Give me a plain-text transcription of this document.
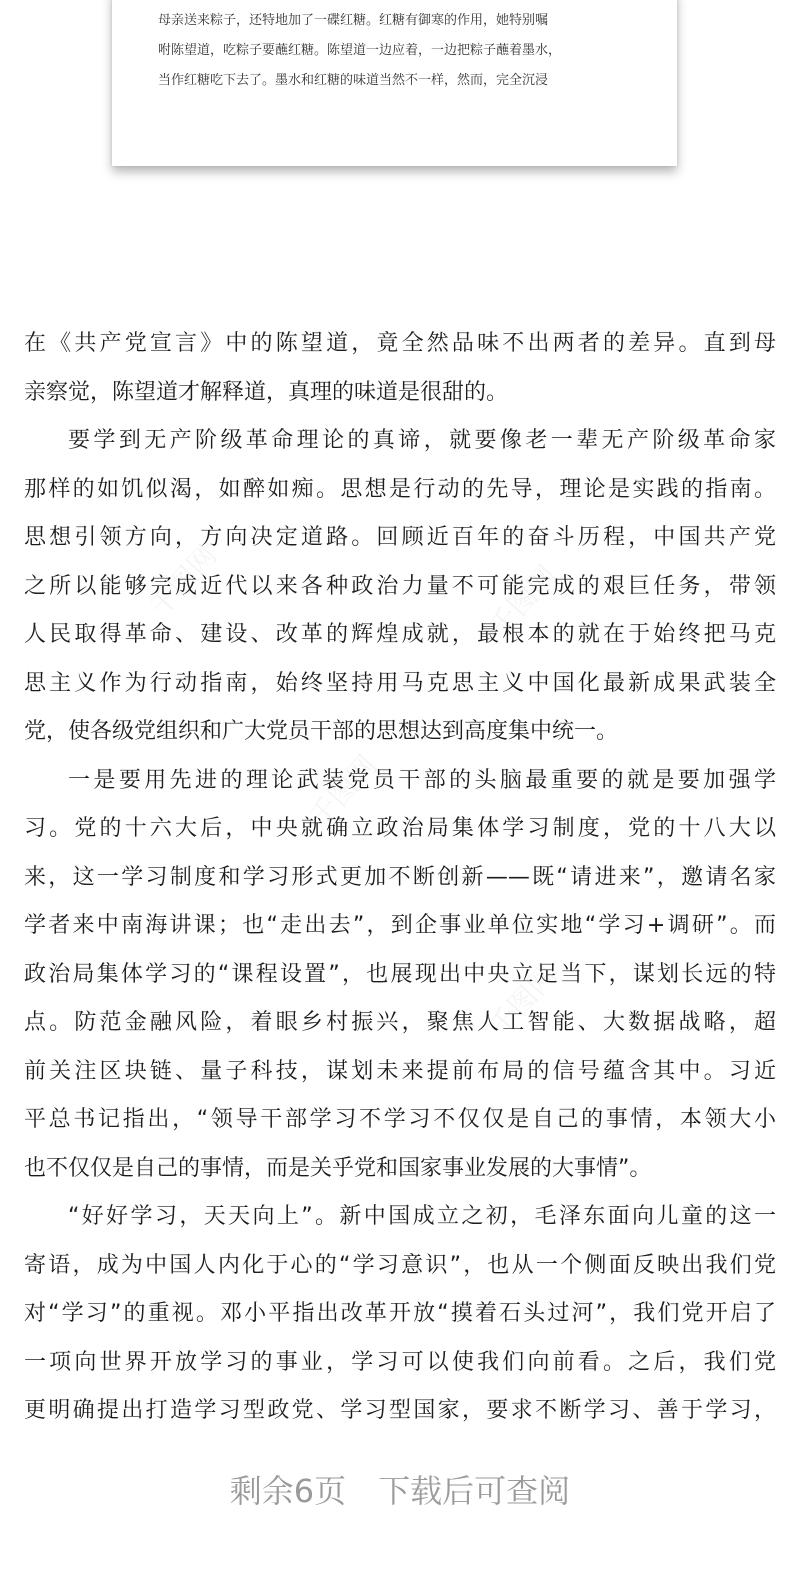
母亲送来粽子，还特地加了一碟红糖。红糖有御寒的作用，她特别嘱

咐陈望道，吃粽子要蘸红糖。陈望道一边应着，一边把粽子蘸着墨水，

当作红糖吃下去了。墨水和红糖的味道当然不一样，然而，完全沉浸

在《共产党宣言》中的陈望道，竟全然品味不出两者的差异。直到母

亲察觉，陈望道才解释道，真理的味道是很甜的。

要学到无产阶级革命理论的真谛，就要像老一辈无产阶级革命家

那样的如饥似渴，如醉如痴。思想是行动的先导，理论是实践的指南。

思想引领方向，方向决定道路。回顾近百年的奋斗历程，中国共产党

之所以能够完成近代以来各种政治力量不可能完成的艰巨任务，带领

人民取得革命、建设、改革的辉煌成就，最根本的就在于始终把马克

思主义作为行动指南，始终坚持用马克思主义中国化最新成果武装全

党，使各级党组织和广大党员干部的思想达到高度集中统一。

一是要用先进的理论武装党员干部的头脑最重要的就是要加强学

习。党的十六大后，中央就确立政治局集体学习制度，党的十八大以

来，这一学习制度和学习形式更加不断创新——既“请进来”，邀请名家

学者来中南海讲课；也“走出去”，到企事业单位实地“学习+调研”。而

政治局集体学习的“课程设置”，也展现出中央立足当下，谋划长远的特

点。防范金融风险，着眼乡村振兴，聚焦人工智能、大数据战略，超

前关注区块链、量子科技，谋划未来提前布局的信号蕴含其中。习近

平总书记指出，“领导干部学习不学习不仅仅是自己的事情，本领大小

也不仅仅是自己的事情，而是关乎党和国家事业发展的大事情”。

“好好学习，天天向上”。新中国成立之初，毛泽东面向儿童的这一

寄语，成为中国人内化于心的“学习意识”，也从一个侧面反映出我们党

对“学习”的重视。邓小平指出改革开放“摸着石头过河”，我们党开启了

一项向世界开放学习的事业，学习可以使我们向前看。之后，我们党

更明确提出打造学习型政党、学习型国家，要求不断学习、善于学习，

剩余6页 下载后可查阅
